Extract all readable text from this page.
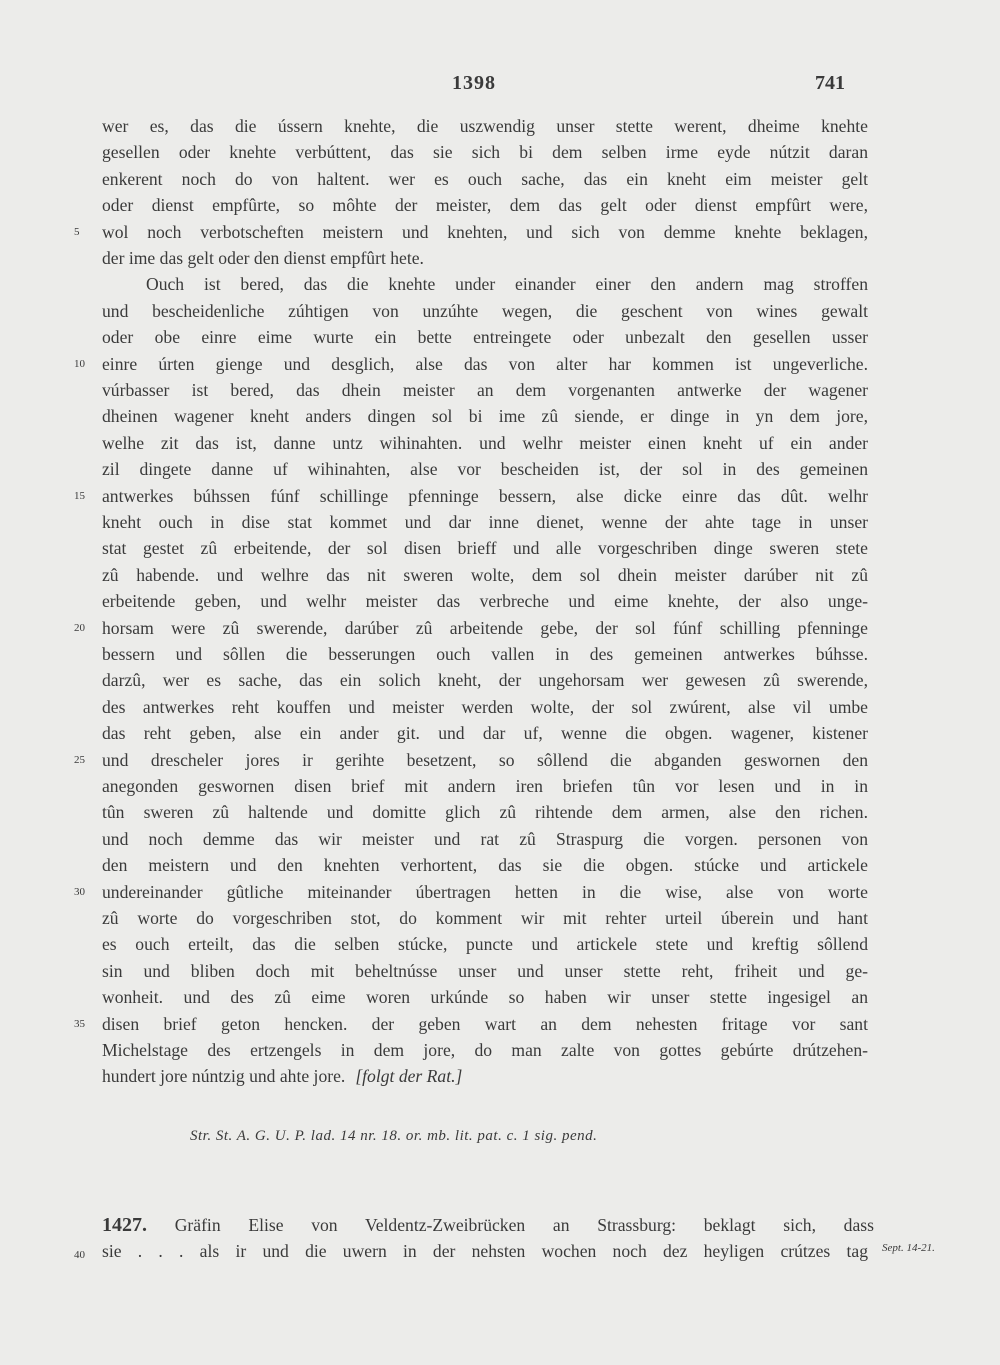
1398	741
wer es, das die ússern knehte, die uszwendig unser stette werent, dheime knehte
gesellen oder knehte verbúttent, das sie sich bi dem selben irme eyde nútzit daran
enkerent noch do von haltent. wer es ouch sache, das ein kneht eim meister gelt
oder dienst empfûrte, so môhte der meister, dem das gelt oder dienst empfûrt were,
wol noch verbotscheften meistern und knehten, und sich von demme knehte beklagen,
5
der ime das gelt oder den dienst empfûrt hete.
Ouch ist bered, das die knehte under einander einer den andern mag stroffen
und bescheidenliche zúhtigen von unzúhte wegen, die geschent von wines gewalt
oder obe einre eime wurte ein bette entreingete oder unbezalt den gesellen usser
einre úrten gienge und desglich, alse das von alter har kommen ist ungeverliche.
10
vúrbasser ist bered, das dhein meister an dem vorgenanten antwerke der wagener
dheinen wagener kneht anders dingen sol bi ime zû siende, er dinge in yn dem jore,
welhe zit das ist, danne untz wihinahten. und welhr meister einen kneht uf ein ander
zil dingete danne uf wihinahten, alse vor bescheiden ist, der sol in des gemeinen
antwerkes búhssen fúnf schillinge pfenninge bessern, alse dicke einre das dût. welhr
15
kneht ouch in dise stat kommet und dar inne dienet, wenne der ahte tage in unser
stat gestet zû erbeitende, der sol disen brieff und alle vorgeschriben dinge sweren stete
zû habende. und welhre das nit sweren wolte, dem sol dhein meister darúber nit zû
erbeitende geben, und welhr meister das verbreche und eime knehte, der also unge-
horsam were zû swerende, darúber zû arbeitende gebe, der sol fúnf schilling pfenninge
20
bessern und sôllen die besserungen ouch vallen in des gemeinen antwerkes búhsse.
darzû, wer es sache, das ein solich kneht, der ungehorsam wer gewesen zû swerende,
des antwerkes reht kouffen und meister werden wolte, der sol zwúrent, alse vil umbe
das reht geben, alse ein ander git. und dar uf, wenne die obgen. wagener, kistener
und drescheler jores ir gerihte besetzent, so sôllend die abganden geswornen den
25
anegonden geswornen disen brief mit andern iren briefen tûn vor lesen und in in
tûn sweren zû haltende und domitte glich zû rihtende dem armen, alse den richen.
und noch demme das wir meister und rat zû Straspurg die vorgen. personen von
den meistern und den knehten verhortent, das sie die obgen. stúcke und artickele
undereinander gûtliche miteinander úbertragen hetten in die wise, alse von worte
30
zû worte do vorgeschriben stot, do komment wir mit rehter urteil úberein und hant
es ouch erteilt, das die selben stúcke, puncte und artickele stete und kreftig sôllend
sin und bliben doch mit beheltnússe unser und unser stette reht, friheit und ge-
wonheit. und des zû eime woren urkúnde so haben wir unser stette ingesigel an
disen brief geton hencken. der geben wart an dem nehesten fritage vor sant
35
Michelstage des ertzengels in dem jore, do man zalte von gottes gebúrte drútzehen-
hundert jore núntzig und ahte jore. [folgt der Rat.]
Str. St. A. G. U. P. lad. 14 nr. 18. or. mb. lit. pat. c. 1 sig. pend.
1427. Gräfin Elise von Veldentz-Zweibrücken an Strassburg: beklagt sich, dass
40 sie . . . als ir und die uwern in der nehsten wochen noch dez heyligen crútzes tag Sept. 14-21.
